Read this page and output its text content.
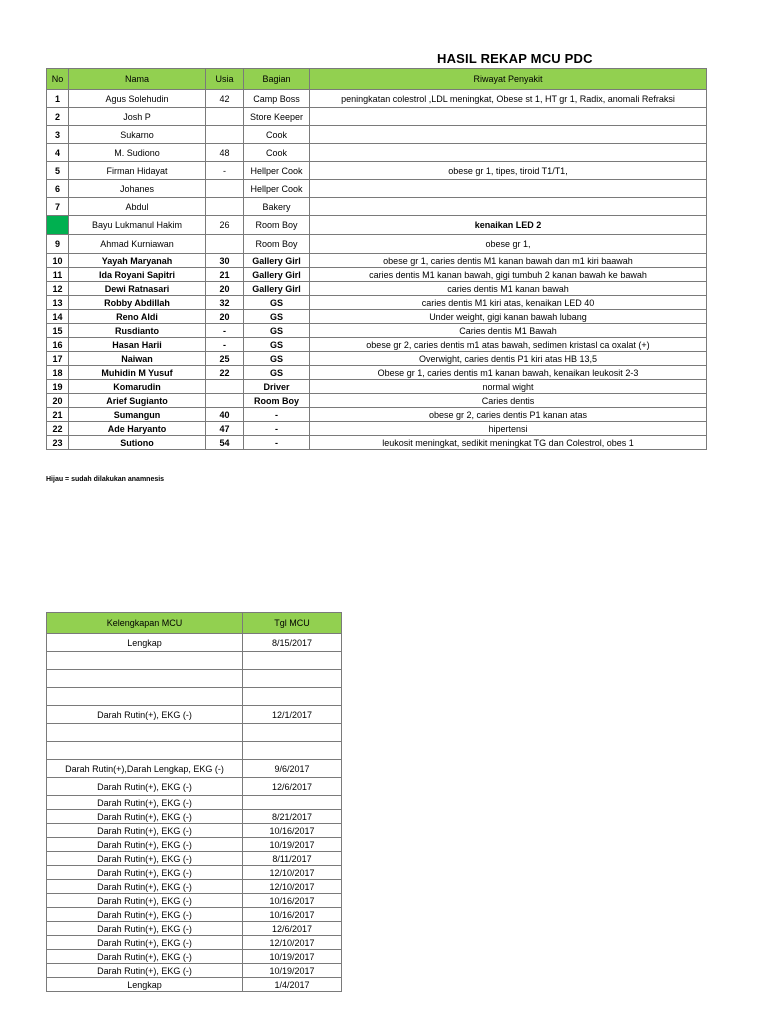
HASIL REKAP MCU PDC
No	Nama	Usia	Bagian	Riwayat Penyakit
1	Agus Solehudin	42	Camp Boss	peningkatan colestrol ,LDL meningkat, Obese st 1, HT gr 1, Radix, anomali Refraksi
2	Josh P		Store Keeper	
3	Sukarno		Cook	
4	M. Sudiono	48	Cook	
5	Firman Hidayat	-	Hellper Cook	obese gr 1, tipes, tiroid T1/T1,
6	Johanes		Hellper Cook	
7	Abdul		Bakery	
8	Bayu Lukmanul Hakim	26	Room Boy	kenaikan LED 2
9	Ahmad Kurniawan		Room Boy	obese gr 1,
10	Yayah Maryanah	30	Gallery Girl	obese gr 1, caries dentis M1 kanan bawah dan m1 kiri baawah
11	Ida Royani Sapitri	21	Gallery Girl	caries dentis M1 kanan bawah, gigi tumbuh 2 kanan bawah ke bawah
12	Dewi Ratnasari	20	Gallery Girl	caries dentis M1 kanan bawah
13	Robby Abdillah	32	GS	caries dentis M1 kiri atas, kenaikan LED 40
14	Reno Aldi	20	GS	Under weight, gigi kanan bawah lubang
15	Rusdianto	-	GS	Caries dentis M1 Bawah
16	Hasan Harii	-	GS	obese gr 2, caries dentis m1 atas bawah, sedimen kristasl ca oxalat (+)
17	Naiwan	25	GS	Overwight, caries dentis P1 kiri atas HB 13,5
18	Muhidin M Yusuf	22	GS	Obese gr 1, caries dentis m1 kanan bawah, kenaikan leukosit 2-3
19	Komarudin		Driver	normal wight
20	Arief Sugianto		Room Boy	Caries dentis
21	Sumangun	40	-	obese gr 2, caries dentis P1 kanan atas
22	Ade Haryanto	47	-	hipertensi
23	Sutiono	54	-	leukosit meningkat, sedikit meningkat TG dan Colestrol, obes 1
Hijau = sudah dilakukan anamnesis
Kelengkapan MCU	Tgl MCU
Lengkap	8/15/2017

Darah Rutin(+), EKG (-)	12/1/2017

Darah Rutin(+),Darah Lengkap, EKG (-)	9/6/2017
Darah Rutin(+), EKG (-)	12/6/2017
Darah Rutin(+), EKG (-)	
Darah Rutin(+), EKG (-)	8/21/2017
Darah Rutin(+), EKG (-)	10/16/2017
Darah Rutin(+), EKG (-)	10/19/2017
Darah Rutin(+), EKG (-)	8/11/2017
Darah Rutin(+), EKG (-)	12/10/2017
Darah Rutin(+), EKG (-)	12/10/2017
Darah Rutin(+), EKG (-)	10/16/2017
Darah Rutin(+), EKG (-)	10/16/2017
Darah Rutin(+), EKG (-)	12/6/2017
Darah Rutin(+), EKG (-)	12/10/2017
Darah Rutin(+), EKG (-)	10/19/2017
Darah Rutin(+), EKG (-)	10/19/2017
Lengkap	1/4/2017
